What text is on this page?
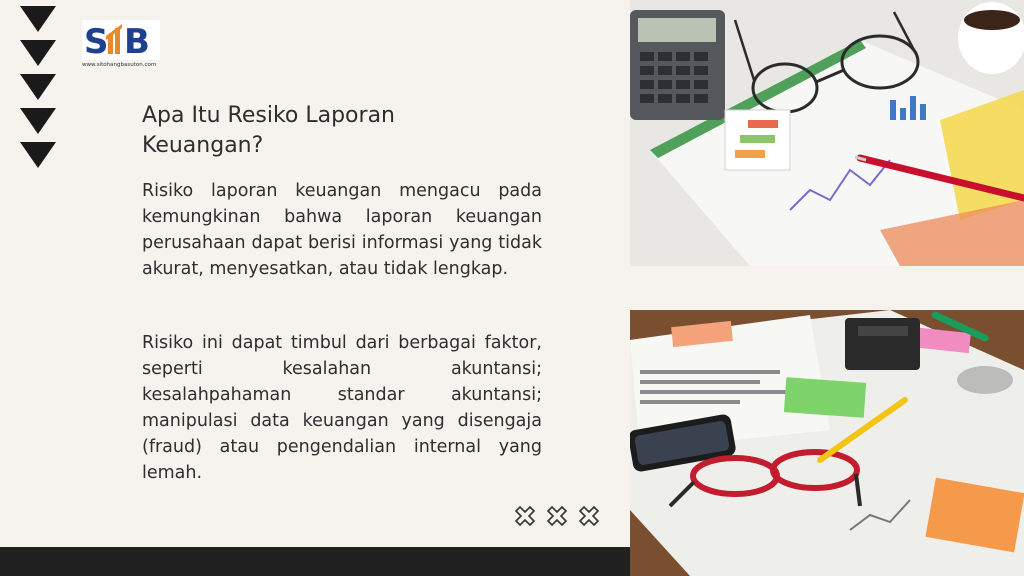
S B
www.sitohangbasuton.com
Apa Itu Resiko Laporan Keuangan?

Risiko laporan keuangan mengacu pada kemungkinan bahwa laporan keuangan perusahaan dapat berisi informasi yang tidak akurat, menyesatkan, atau tidak lengkap.

Risiko ini dapat timbul dari berbagai faktor, seperti kesalahan akuntansi; kesalahpahaman standar akuntansi; manipulasi data keuangan yang disengaja (fraud) atau pengendalian internal yang lemah.
